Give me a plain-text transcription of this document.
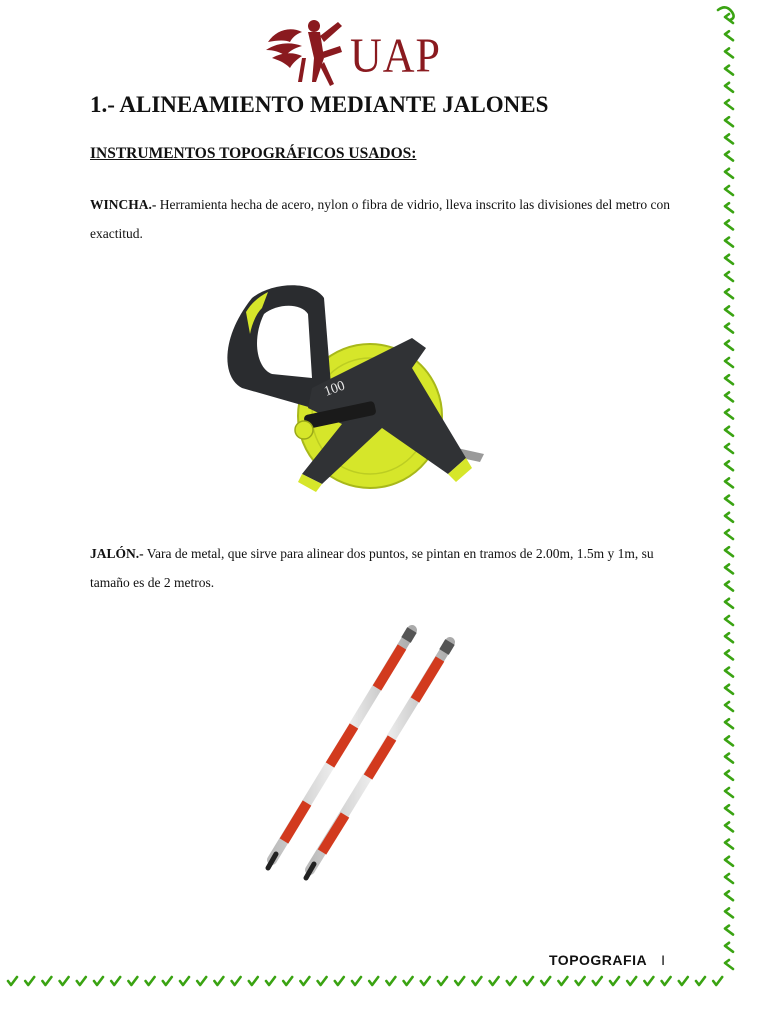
UAP
1.- ALINEAMIENTO MEDIANTE JALONES
INSTRUMENTOS TOPOGRÁFICOS USADOS:

WINCHA.- Herramienta hecha de acero, nylon o fibra de vidrio, lleva inscrito las divisiones del metro con exactitud.

100

JALÓN.- Vara de metal, que sirve para alinear dos puntos, se pintan en tramos de 2.00m, 1.5m y 1m, su tamaño es de 2 metros.

TOPOGRAFIA I
